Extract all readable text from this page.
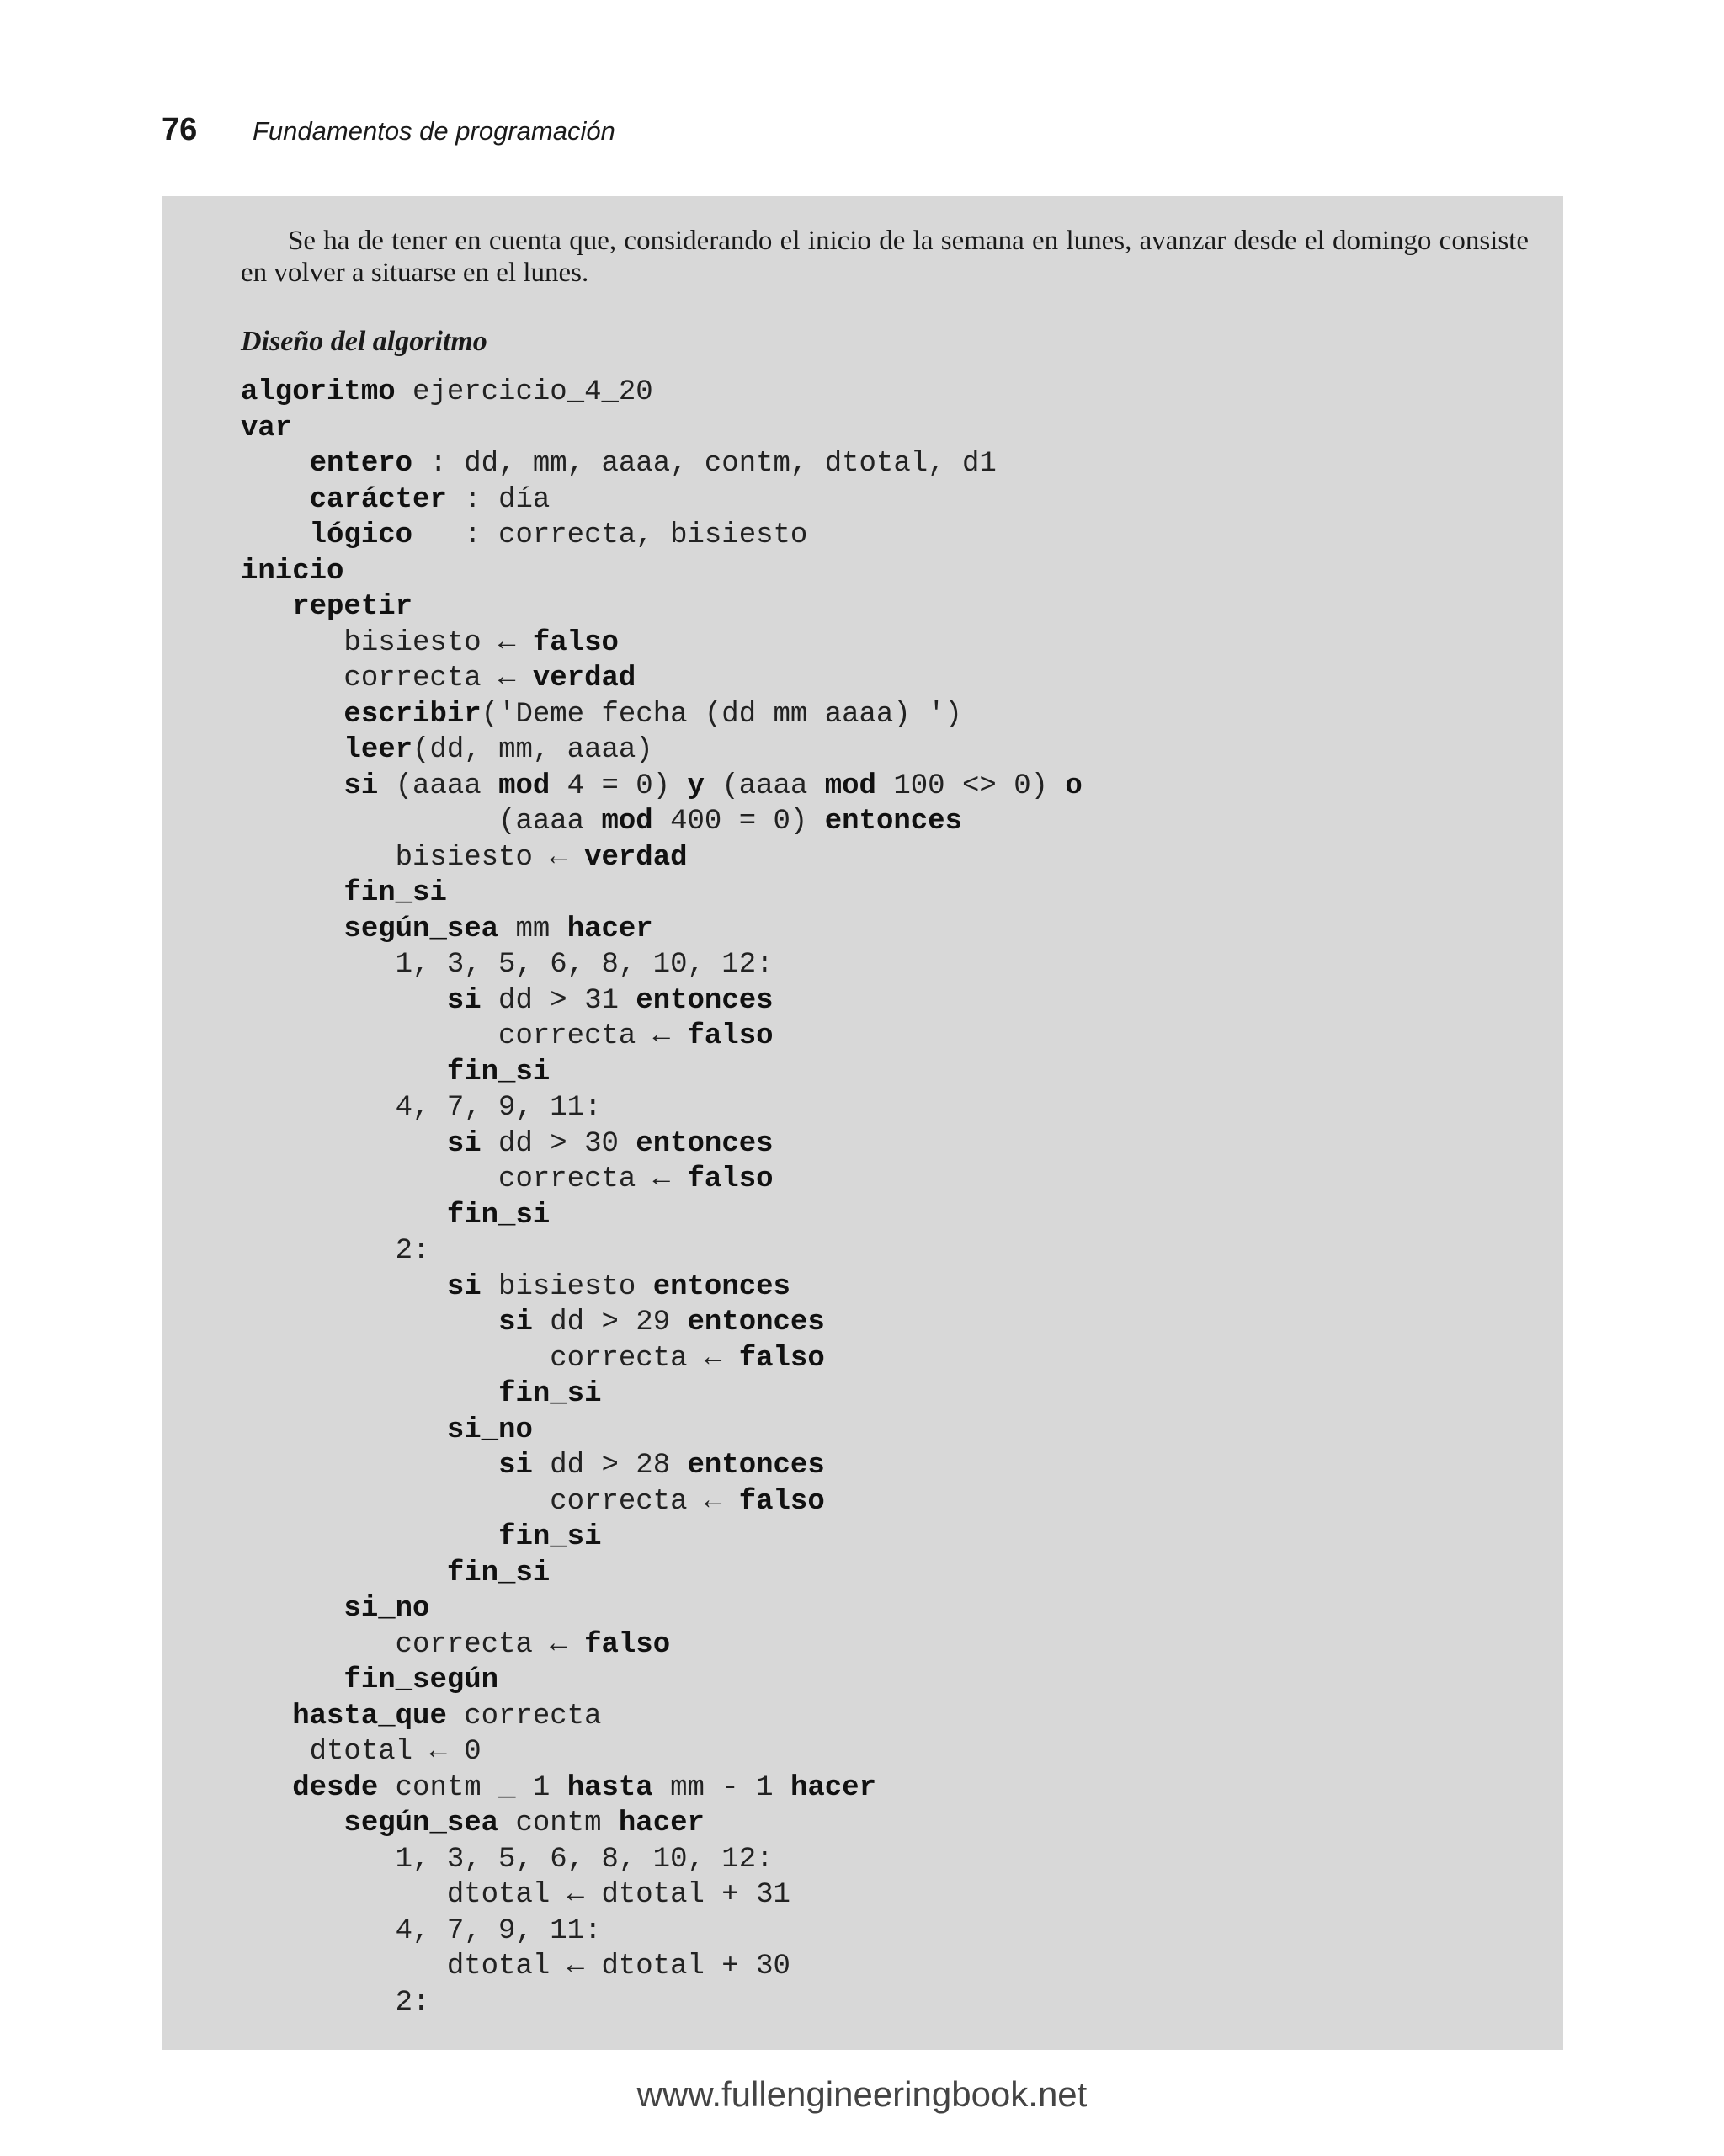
76 Fundamentos de programación

Se ha de tener en cuenta que, considerando el inicio de la semana en lunes, avanzar desde el domingo consiste en volver a situarse en el lunes.

Diseño del algoritmo
algoritmo ejercicio_4_20
var
entero : dd, mm, aaaa, contm, dtotal, d1
carácter : día
lógico   : correcta, bisiesto
inicio
repetir
bisiesto ← falso
correcta ← verdad
escribir('Deme fecha (dd mm aaaa) ')
leer(dd, mm, aaaa)
si (aaaa mod 4 = 0) y (aaaa mod 100 <> 0) o
(aaaa mod 400 = 0) entonces
bisiesto ← verdad
fin_si
según_sea mm hacer
1, 3, 5, 6, 8, 10, 12:
si dd > 31 entonces
correcta ← falso
fin_si
4, 7, 9, 11:
si dd > 30 entonces
correcta ← falso
fin_si
2:
si bisiesto entonces
si dd > 29 entonces
correcta ← falso
fin_si
si_no
si dd > 28 entonces
correcta ← falso
fin_si
fin_si
si_no
correcta ← falso
fin_según
hasta_que correcta
dtotal ← 0
desde contm _ 1 hasta mm - 1 hacer
según_sea contm hacer
1, 3, 5, 6, 8, 10, 12:
dtotal ← dtotal + 31
4, 7, 9, 11:
dtotal ← dtotal + 30
2:
www.fullengineeringbook.net
